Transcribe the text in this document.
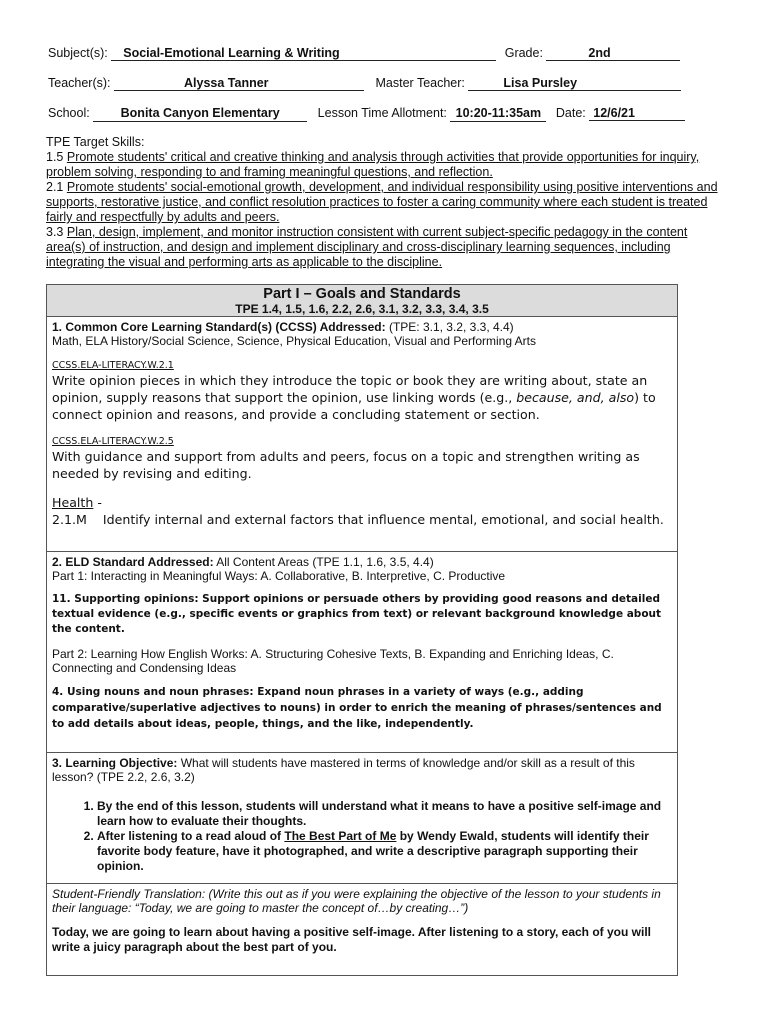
Subject(s): Social-Emotional Learning & Writing	Grade:	2nd
Teacher(s):	Alyssa Tanner	Master Teacher:	Lisa Pursley
School: Bonita Canyon Elementary	Lesson Time Allotment: 10:20-11:35am Date: 12/6/21

TPE Target Skills:

1.5 Promote students' critical and creative thinking and analysis through activities that provide opportunities for inquiry, problem solving, responding to and framing meaningful questions, and reflection.

2.1 Promote students' social-emotional growth, development, and individual responsibility using positive interventions and supports, restorative justice, and conflict resolution practices to foster a caring community where each student is treated fairly and respectfully by adults and peers.

3.3 Plan, design, implement, and monitor instruction consistent with current subject-specific pedagogy in the content area(s) of instruction, and design and implement disciplinary and cross-disciplinary learning sequences, including integrating the visual and performing arts as applicable to the discipline.

Part I – Goals and Standards
TPE 1.4, 1.5, 1.6, 2.2, 2.6, 3.1, 3.2, 3.3, 3.4, 3.5
1. Common Core Learning Standard(s) (CCSS) Addressed: (TPE: 3.1, 3.2, 3.3, 4.4)
Math, ELA History/Social Science, Science, Physical Education, Visual and Performing Arts
CCSS.ELA-LITERACY.W.2.1
Write opinion pieces in which they introduce the topic or book they are writing about, state an opinion, supply reasons that support the opinion, use linking words (e.g., because, and, also) to connect opinion and reasons, and provide a concluding statement or section.
CCSS.ELA-LITERACY.W.2.5
With guidance and support from adults and peers, focus on a topic and strengthen writing as needed by revising and editing.
Health -
2.1.M Identify internal and external factors that influence mental, emotional, and social health.
2. ELD Standard Addressed: All Content Areas (TPE 1.1, 1.6, 3.5, 4.4)
Part 1: Interacting in Meaningful Ways: A. Collaborative, B. Interpretive, C. Productive
11. Supporting opinions: Support opinions or persuade others by providing good reasons and detailed textual evidence (e.g., specific events or graphics from text) or relevant background knowledge about the content.
Part 2: Learning How English Works: A. Structuring Cohesive Texts, B. Expanding and Enriching Ideas, C. Connecting and Condensing Ideas
4. Using nouns and noun phrases: Expand noun phrases in a variety of ways (e.g., adding comparative/superlative adjectives to nouns) in order to enrich the meaning of phrases/sentences and to add details about ideas, people, things, and the like, independently.
3. Learning Objective: What will students have mastered in terms of knowledge and/or skill as a result of this lesson? (TPE 2.2, 2.6, 3.2)
1. By the end of this lesson, students will understand what it means to have a positive self-image and learn how to evaluate their thoughts.
2. After listening to a read aloud of The Best Part of Me by Wendy Ewald, students will identify their favorite body feature, have it photographed, and write a descriptive paragraph supporting their opinion.
Student-Friendly Translation: (Write this out as if you were explaining the objective of the lesson to your students in their language: “Today, we are going to master the concept of…by creating…”)
Today, we are going to learn about having a positive self-image. After listening to a story, each of you will write a juicy paragraph about the best part of you.
